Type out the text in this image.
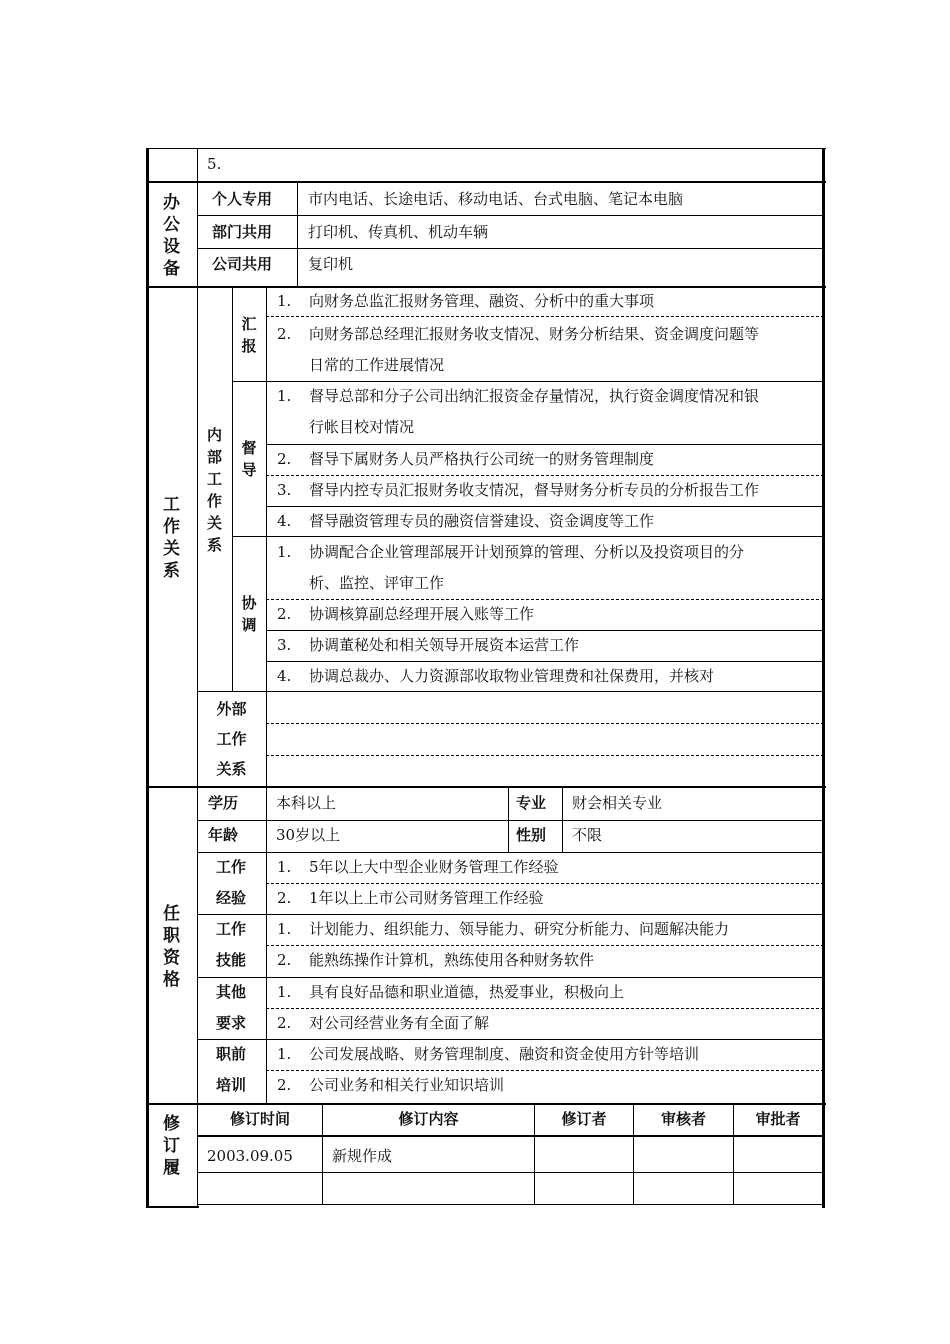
5.
办
公
设
备
个人专用 市内电话、长途电话、移动电话、台式电脑、笔记本电脑
部门共用 打印机、传真机、机动车辆
公司共用 复印机
工
作
关
系
内
部
工
作
关
系
汇
报
1. 向财务总监汇报财务管理、融资、分析中的重大事项
2. 向财务部总经理汇报财务收支情况、财务分析结果、资金调度问题等
日常的工作进展情况
督
导
1. 督导总部和分子公司出纳汇报资金存量情况，执行资金调度情况和银
行帐目校对情况
2. 督导下属财务人员严格执行公司统一的财务管理制度
3. 督导内控专员汇报财务收支情况，督导财务分析专员的分析报告工作
4. 督导融资管理专员的融资信誉建设、资金调度等工作
协
调
1. 协调配合企业管理部展开计划预算的管理、分析以及投资项目的分
析、监控、评审工作
2. 协调核算副总经理开展入账等工作
3. 协调董秘处和相关领导开展资本运营工作
4. 协调总裁办、人力资源部收取物业管理费和社保费用，并核对
外部工作关系
任
职
资
格
学历	本科以上	专业 财会相关专业
年龄	30岁以上	性别 不限
工作
经验
1. 5年以上大中型企业财务管理工作经验
2. 1年以上上市公司财务管理工作经验
工作
技能
1. 计划能力、组织能力、领导能力、研究分析能力、问题解决能力
2. 能熟练操作计算机，熟练使用各种财务软件
其他
要求
1. 具有良好品德和职业道德，热爱事业，积极向上
2. 对公司经营业务有全面了解
职前
培训
1. 公司发展战略、财务管理制度、融资和资金使用方针等培训
2. 公司业务和相关行业知识培训
修
订
履
修订时间	修订内容	修订者	审核者	审批者
2003.09.05	新规作成
